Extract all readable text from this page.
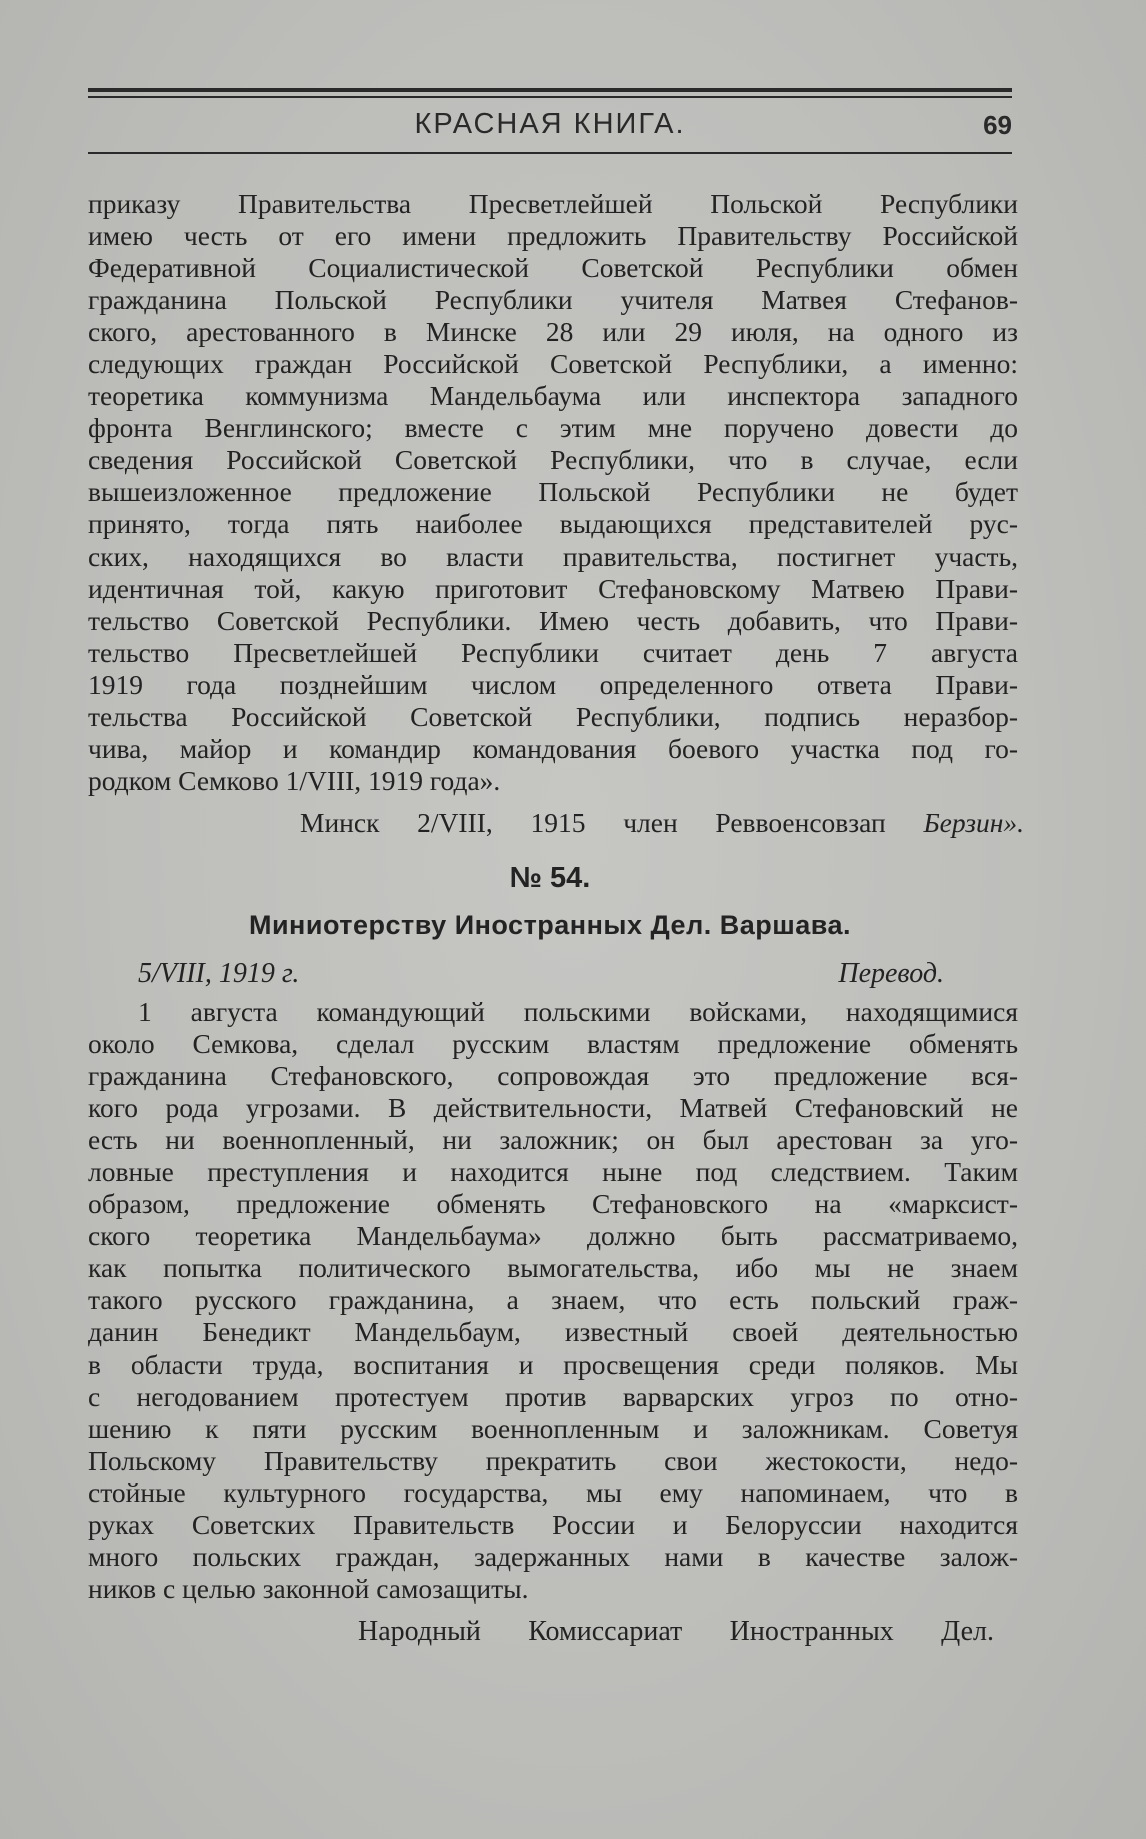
КРАСНАЯ КНИГА.	69
приказу Правительства Пресветлейшей Польской Республики
имею честь от его имени предложить Правительству Российской
Федеративной Социалистической Советской Республики обмен
гражданина Польской Республики учителя Матвея Стефанов-
ского, арестованного в Минске 28 или 29 июля, на одного из
следующих граждан Российской Советской Республики, а именно:
теоретика коммунизма Мандельбаума или инспектора западного
фронта Венглинского; вместе с этим мне поручено довести до
сведения Российской Советской Республики, что в случае, если
вышеизложенное предложение Польской Республики не будет
принято, тогда пять наиболее выдающихся представителей рус-
ских, находящихся во власти правительства, постигнет участь,
идентичная той, какую приготовит Стефановскому Матвею Прави-
тельство Советской Республики. Имею честь добавить, что Прави-
тельство Пресветлейшей Республики считает день 7 августа
1919 года позднейшим числом определенного ответа Прави-
тельства Российской Советской Республики, подпись неразбор-
чива, майор и командир командования боевого участка под го-
родком Семково 1/VIII, 1919 года».
Минск 2/VIII, 1915 член Реввоенсовзап Берзин».
№ 54.
Миниотерству Иностранных Дел. Варшава.
5/VIII, 1919 г.	Перевод.
1 августа командующий польскими войсками, находящимися
около Семкова, сделал русским властям предложение обменять
гражданина Стефановского, сопровождая это предложение вся-
кого рода угрозами. В действительности, Матвей Стефановский не
есть ни военнопленный, ни заложник; он был арестован за уго-
ловные преступления и находится ныне под следствием. Таким
образом, предложение обменять Стефановского на «марксист-
ского теоретика Мандельбаума» должно быть рассматриваемо,
как попытка политического вымогательства, ибо мы не знаем
такого русского гражданина, а знаем, что есть польский граж-
данин Бенедикт Мандельбаум, известный своей деятельностью
в области труда, воспитания и просвещения среди поляков. Мы
с негодованием протестуем против варварских угроз по отно-
шению к пяти русским военнопленным и заложникам. Советуя
Польскому Правительству прекратить свои жестокости, недо-
стойные культурного государства, мы ему напоминаем, что в
руках Советских Правительств России и Белоруссии находится
много польских граждан, задержанных нами в качестве залож-
ников с целью законной самозащиты.
Народный Комиссариат Иностранных Дел.
